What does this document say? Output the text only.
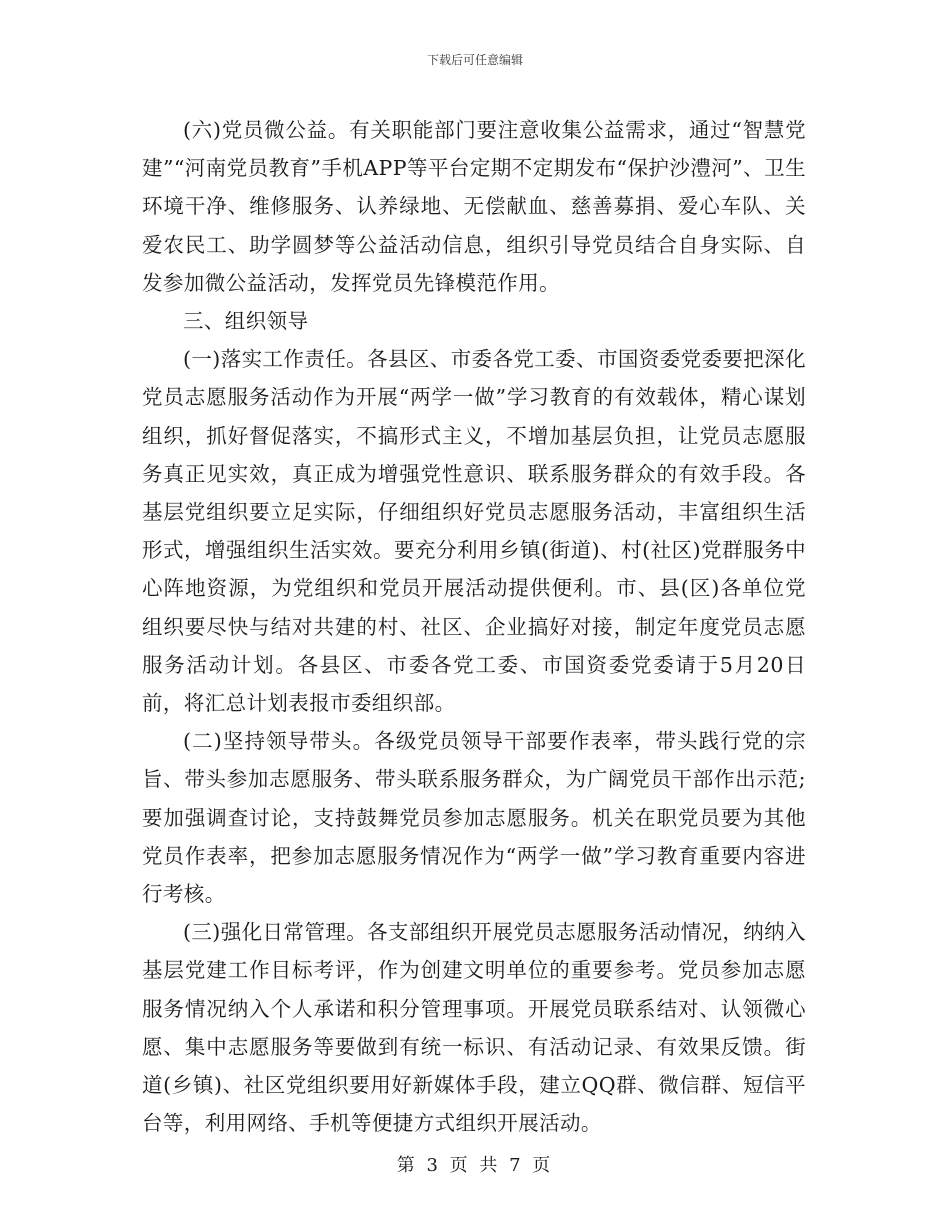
下载后可任意编辑

(六)党员微公益。有关职能部门要注意收集公益需求，通过“智慧党建”“河南党员教育”手机APP等平台定期不定期发布“保护沙澧河”、卫生环境干净、维修服务、认养绿地、无偿献血、慈善募捐、爱心车队、关爱农民工、助学圆梦等公益活动信息，组织引导党员结合自身实际、自发参加微公益活动，发挥党员先锋模范作用。

三、组织领导

(一)落实工作责任。各县区、市委各党工委、市国资委党委要把深化党员志愿服务活动作为开展“两学一做”学习教育的有效载体，精心谋划组织，抓好督促落实，不搞形式主义，不增加基层负担，让党员志愿服务真正见实效，真正成为增强党性意识、联系服务群众的有效手段。各基层党组织要立足实际，仔细组织好党员志愿服务活动，丰富组织生活形式，增强组织生活实效。要充分利用乡镇(街道)、村(社区)党群服务中心阵地资源，为党组织和党员开展活动提供便利。市、县(区)各单位党组织要尽快与结对共建的村、社区、企业搞好对接，制定年度党员志愿服务活动计划。各县区、市委各党工委、市国资委党委请于5月20日前，将汇总计划表报市委组织部。

(二)坚持领导带头。各级党员领导干部要作表率，带头践行党的宗旨、带头参加志愿服务、带头联系服务群众，为广阔党员干部作出示范;要加强调查讨论，支持鼓舞党员参加志愿服务。机关在职党员要为其他党员作表率，把参加志愿服务情况作为“两学一做”学习教育重要内容进行考核。

(三)强化日常管理。各支部组织开展党员志愿服务活动情况，纳纳入基层党建工作目标考评，作为创建文明单位的重要参考。党员参加志愿服务情况纳入个人承诺和积分管理事项。开展党员联系结对、认领微心愿、集中志愿服务等要做到有统一标识、有活动记录、有效果反馈。街道(乡镇)、社区党组织要用好新媒体手段，建立QQ群、微信群、短信平台等，利用网络、手机等便捷方式组织开展活动。

第 3 页 共 7 页
